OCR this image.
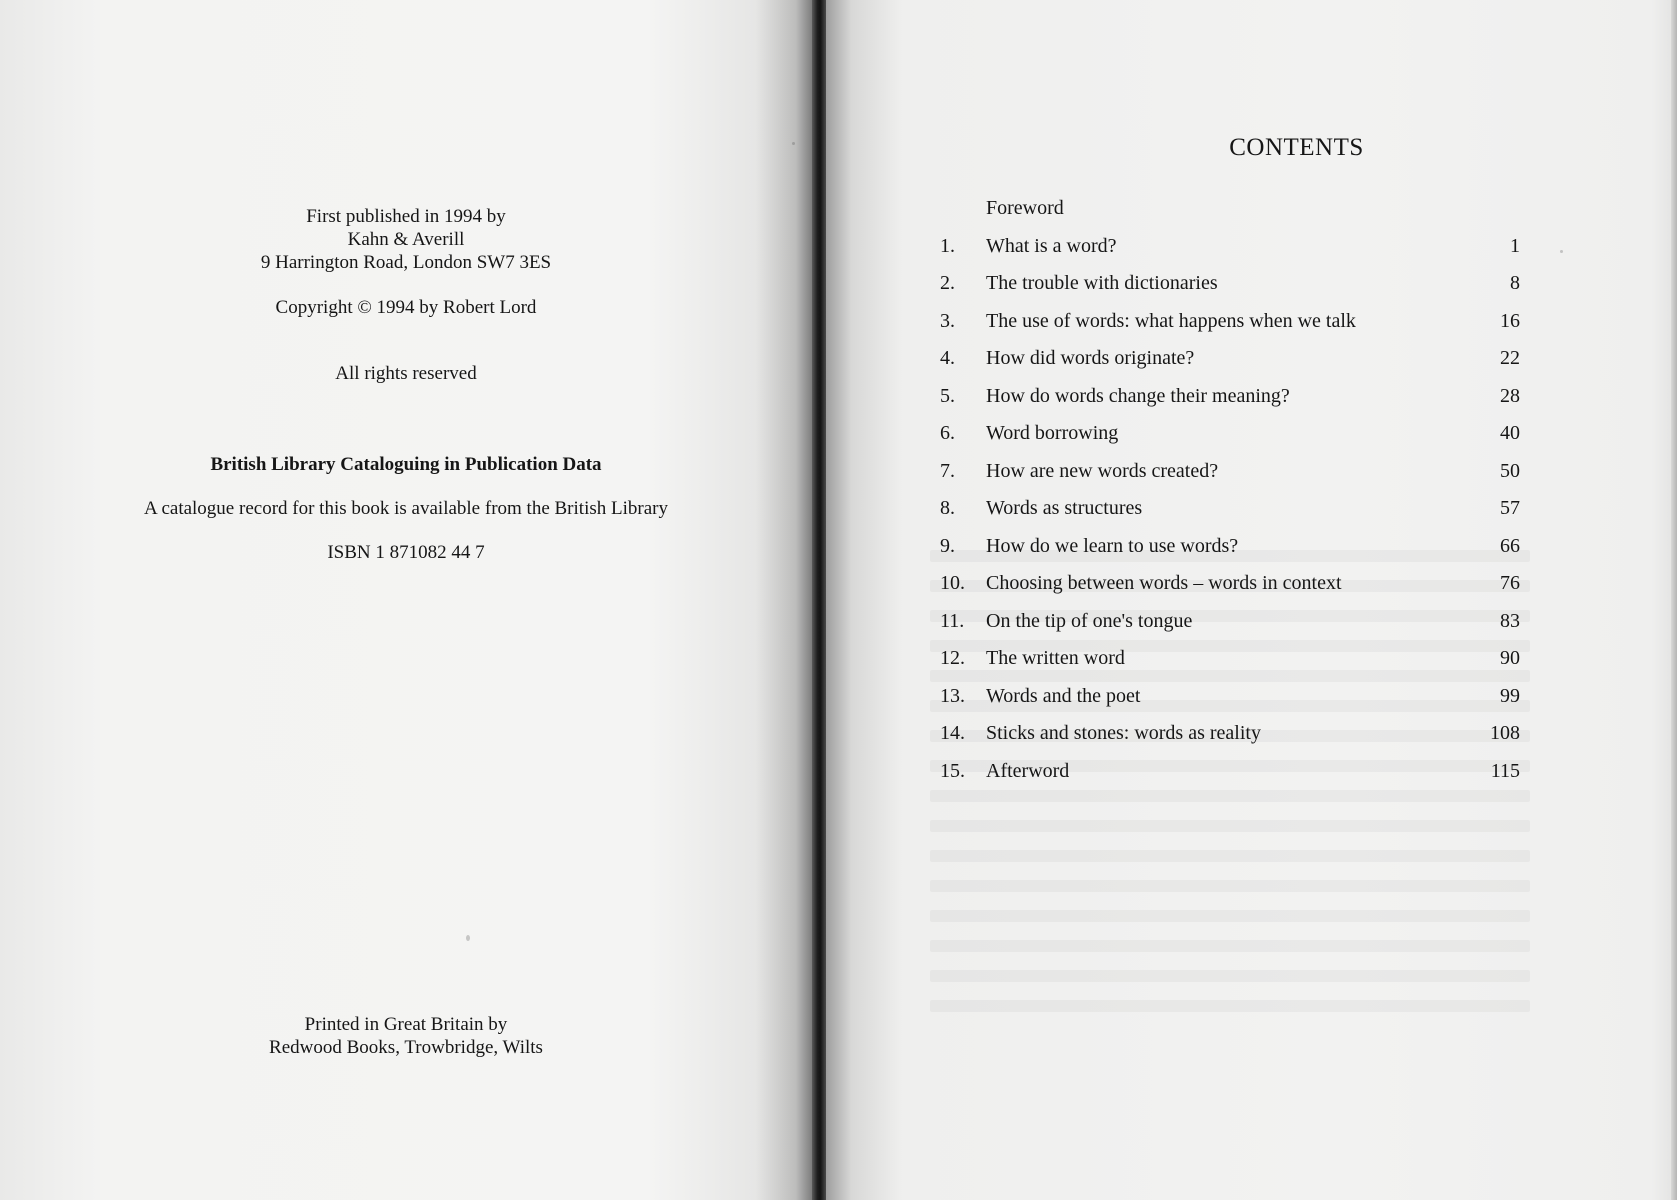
First published in 1994 by

Kahn & Averill

9 Harrington Road, London SW7 3ES

Copyright © 1994 by Robert Lord

All rights reserved

British Library Cataloguing in Publication Data

A catalogue record for this book is available from the British Library

ISBN 1 871082 44 7

Printed in Great Britain by

Redwood Books, Trowbridge, Wilts

CONTENTS
Foreword
1.	What is a word?	1
2.	The trouble with dictionaries	8
3.	The use of words: what happens when we talk	16
4.	How did words originate?	22
5.	How do words change their meaning?	28
6.	Word borrowing	40
7.	How are new words created?	50
8.	Words as structures	57
9.	How do we learn to use words?	66
10.	Choosing between words – words in context	76
11.	On the tip of one's tongue	83
12.	The written word	90
13.	Words and the poet	99
14.	Sticks and stones: words as reality	108
15.	Afterword	115
